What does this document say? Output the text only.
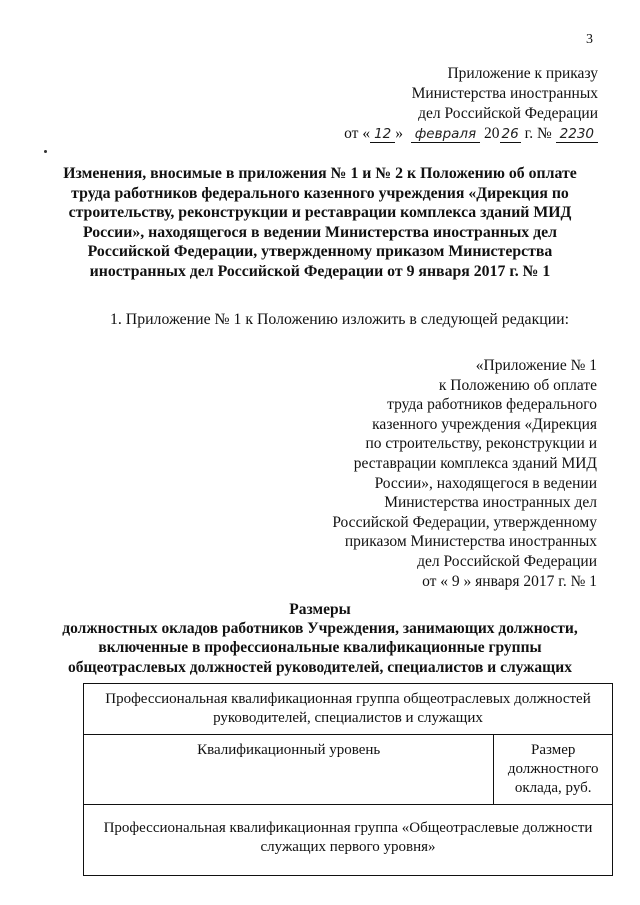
3
Приложение к приказу
Министерства иностранных
дел Российской Федерации
от « 12 » февраля 20 26 г. № 2230
Изменения, вносимые в приложения № 1 и № 2 к Положению об оплате труда работников федерального казенного учреждения «Дирекция по строительству, реконструкции и реставрации комплекса зданий МИД России», находящегося в ведении Министерства иностранных дел Российской Федерации, утвержденному приказом Министерства иностранных дел Российской Федерации от 9 января 2017 г. № 1
1. Приложение № 1 к Положению изложить в следующей редакции:
«Приложение № 1
к Положению об оплате
труда работников федерального
казенного учреждения «Дирекция
по строительству, реконструкции и
реставрации комплекса зданий МИД
России», находящегося в ведении
Министерства иностранных дел
Российской Федерации, утвержденному
приказом Министерства иностранных
дел Российской Федерации
от « 9 » января 2017 г. № 1
Размеры
должностных окладов работников Учреждения, занимающих должности,
включенные в профессиональные квалификационные группы
общеотраслевых должностей руководителей, специалистов и служащих
Профессиональная квалификационная группа общеотраслевых должностей руководителей, специалистов и служащих
Квалификационный уровень	Размер должностного оклада, руб.
Профессиональная квалификационная группа «Общеотраслевые должности служащих первого уровня»
